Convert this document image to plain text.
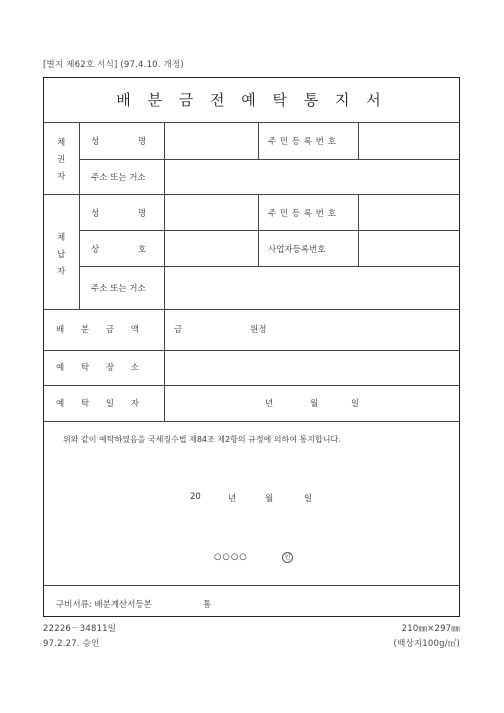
[별지 제62호 서식] (97.4.10. 개정)
배 분 금 전 예 탁 통 지 서
체
권
자
성 명	주 민 등 록 번 호
주소 또는 거소
체
납
자
성 명	주 민 등 록 번 호
상 호	사업자등록번호
주소 또는 거소
배 분 금 액	금	원정
예 탁 장 소
예 탁 일 자	년	월	일
위와 같이 예탁하였음을 국세징수법 제84조 제2항의 규정에 의하여 통지합니다.
20	년	월	일
○○○○	인
구비서류: 배분계산서등본	통
22226－34811일
97.2.27. 승인
210㎜×297㎜
(백상지100g/㎡)
